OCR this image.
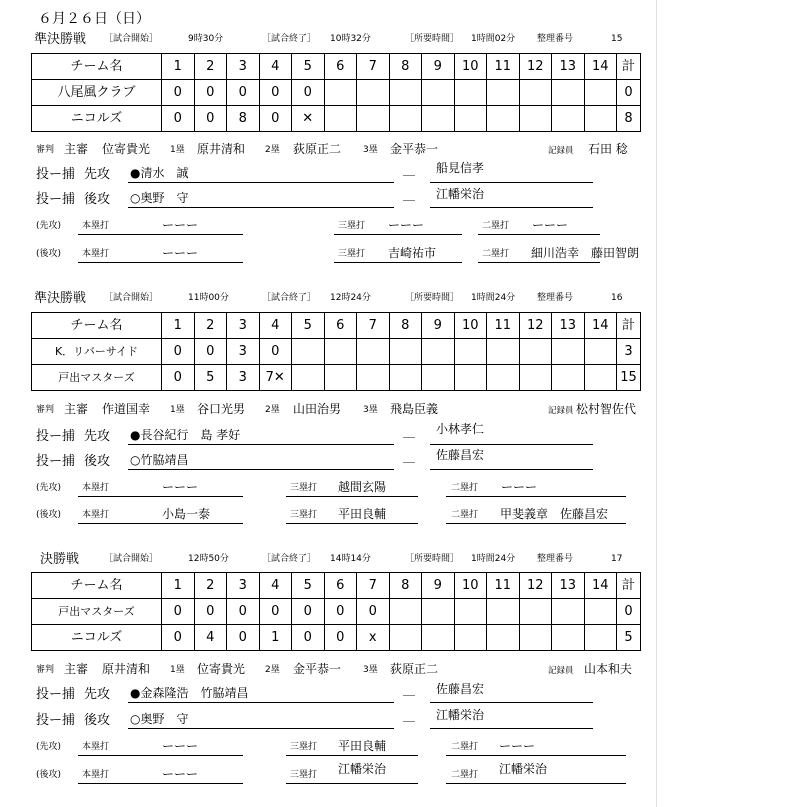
６月２６日（日）
準決勝戦 ［試合開始］	9時30分	［試合終了］ 10時32分	［所要時間］ 1時間02分 整理番号	15
チーム名	1	2	3	4	5	6	7	8	9	10	11	12	13	14	計
八尾風クラブ	0	0	0	0	0										0
ニコルズ	0	0	8	0	✕										8
審判 主審 位寄貴光 1塁 原井清和 2塁 荻原正二 3塁 金平恭一	記録員 石田 稔
投ー捕 先攻 ●清水　誠	＿ 船見信孝
投ー捕 後攻 ○奥野　守	＿ 江幡栄治
(先攻) 本塁打	ーーー	三塁打 ーーー	二塁打 ーーー
(後攻) 本塁打	ーーー	三塁打 吉崎祐市	二塁打 細川浩幸　藤田智朗
準決勝戦 ［試合開始］	11時00分	［試合終了］ 12時24分	［所要時間］ 1時間24分 整理番号	16
チーム名	1	2	3	4	5	6	7	8	9	10	11	12	13	14	計
K．リバーサイド	0	0	3	0											3
戸出マスターズ	0	5	3	7✕											15
審判 主審 作道国幸 1塁 谷口光男 2塁 山田治男 3塁 飛島臣義	記録員 松村智佐代
投ー捕 先攻 ●長谷紀行　島 孝好	＿ 小林孝仁
投ー捕 後攻 ○竹脇靖昌	＿ 佐藤昌宏
(先攻) 本塁打	ーーー	三塁打 越間玄陽	二塁打 ーーー
(後攻) 本塁打	小島一泰	三塁打 平田良輔	二塁打 甲斐義章　佐藤昌宏
決勝戦	［試合開始］	12時50分	［試合終了］ 14時14分	［所要時間］ 1時間24分 整理番号	17
チーム名	1	2	3	4	5	6	7	8	9	10	11	12	13	14	計
戸出マスターズ	0	0	0	0	0	0	0								0
ニコルズ	0	4	0	1	0	0	x								5
審判 主審 原井清和 1塁 位寄貴光 2塁 金平恭一 3塁 荻原正二	記録員 山本和夫
投ー捕 先攻 ●金森隆浩　竹脇靖昌	＿ 佐藤昌宏
投ー捕 後攻 ○奥野　守	＿ 江幡栄治
(先攻) 本塁打	ーーー	三塁打 平田良輔	二塁打 ーーー
(後攻) 本塁打	ーーー	三塁打 江幡栄治	二塁打 江幡栄治
